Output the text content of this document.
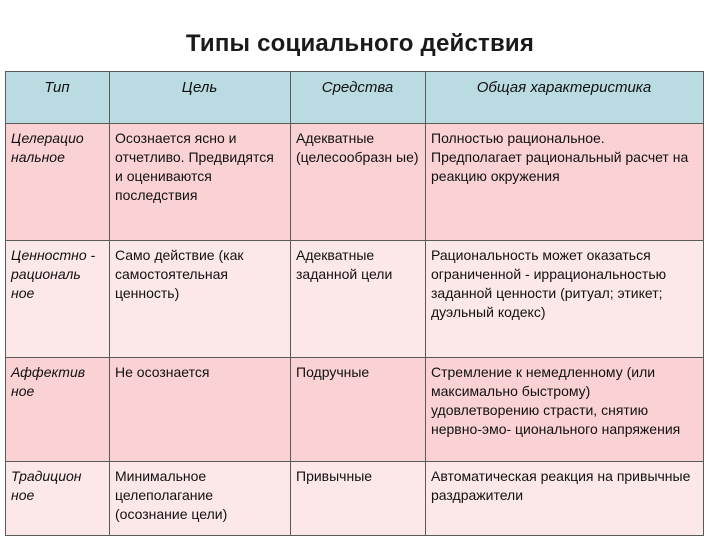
Типы социального действия
Тип	Цель	Средства	Общая характеристика
Целерацио нальное	Осознается ясно и отчетливо. Предвидятся и оцениваются последствия	Адекватные (целесообразн ые)	Полностью рациональное. Предполагает рациональный расчет на реакцию окружения
Ценностно - рациональ ное	Само действие (как самостоятельная ценность)	Адекватные заданной цели	Рациональность может оказаться ограниченной - иррациональностью заданной ценности (ритуал; этикет; дуэльный кодекс)
Аффектив ное	Не осознается	Подручные	Стремление к немедленному (или максимально быстрому) удовлетворению страсти, снятию нервно-эмо- ционального напряжения
Традицион ное	Минимальное целеполагание (осознание цели)	Привычные	Автоматическая реакция на привычные раздражители
